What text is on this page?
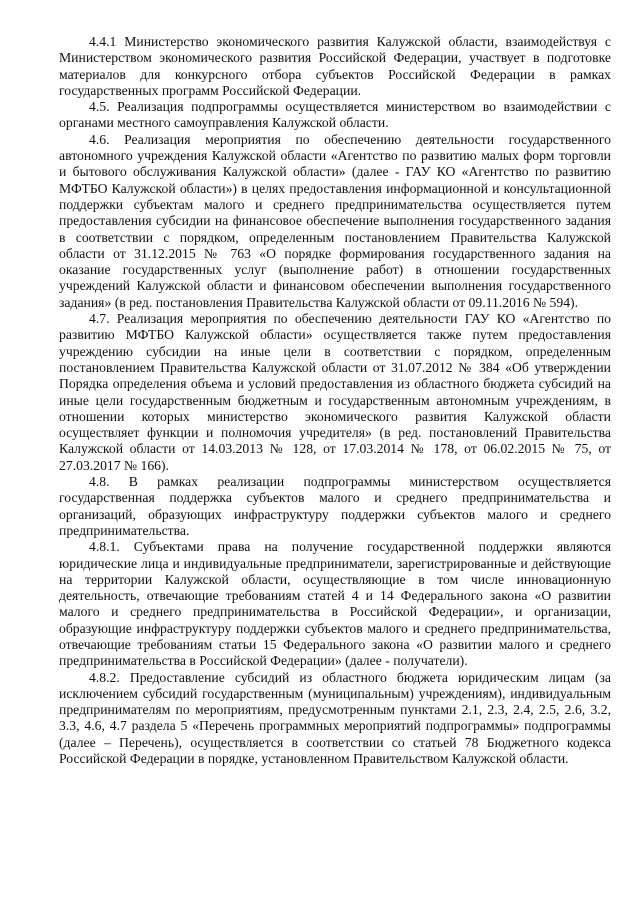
4.4.1 Министерство экономического развития Калужской области, взаимодействуя с Министерством экономического развития Российской Федерации, участвует в подготовке материалов для конкурсного отбора субъектов Российской Федерации в рамках государственных программ Российской Федерации.

4.5. Реализация подпрограммы осуществляется министерством во взаимодействии с органами местного самоуправления Калужской области.

4.6. Реализация мероприятия по обеспечению деятельности государственного автономного учреждения Калужской области «Агентство по развитию малых форм торговли и бытового обслуживания Калужской области» (далее - ГАУ КО «Агентство по развитию МФТБО Калужской области») в целях предоставления информационной и консультационной поддержки субъектам малого и среднего предпринимательства осуществляется путем предоставления субсидии на финансовое обеспечение выполнения государственного задания в соответствии с порядком, определенным постановлением Правительства Калужской области от 31.12.2015 № 763 «О порядке формирования государственного задания на оказание государственных услуг (выполнение работ) в отношении государственных учреждений Калужской области и финансовом обеспечении выполнения государственного задания» (в ред. постановления Правительства Калужской области от 09.11.2016 № 594).

4.7. Реализация мероприятия по обеспечению деятельности ГАУ КО «Агентство по развитию МФТБО Калужской области» осуществляется также путем предоставления учреждению субсидии на иные цели в соответствии с порядком, определенным постановлением Правительства Калужской области от 31.07.2012 № 384 «Об утверждении Порядка определения объема и условий предоставления из областного бюджета субсидий на иные цели государственным бюджетным и государственным автономным учреждениям, в отношении которых министерство экономического развития Калужской области осуществляет функции и полномочия учредителя» (в ред. постановлений Правительства Калужской области от 14.03.2013 № 128, от 17.03.2014 № 178, от 06.02.2015 № 75, от 27.03.2017 № 166).

4.8. В рамках реализации подпрограммы министерством осуществляется государственная поддержка субъектов малого и среднего предпринимательства и организаций, образующих инфраструктуру поддержки субъектов малого и среднего предпринимательства.

4.8.1. Субъектами права на получение государственной поддержки являются юридические лица и индивидуальные предприниматели, зарегистрированные и действующие на территории Калужской области, осуществляющие в том числе инновационную деятельность, отвечающие требованиям статей 4 и 14 Федерального закона «О развитии малого и среднего предпринимательства в Российской Федерации», и организации, образующие инфраструктуру поддержки субъектов малого и среднего предпринимательства, отвечающие требованиям статьи 15 Федерального закона «О развитии малого и среднего предпринимательства в Российской Федерации» (далее - получатели).

4.8.2. Предоставление субсидий из областного бюджета юридическим лицам (за исключением субсидий государственным (муниципальным) учреждениям), индивидуальным предпринимателям по мероприятиям, предусмотренным пунктами 2.1, 2.3, 2.4, 2.5, 2.6, 3.2, 3.3, 4.6, 4.7 раздела 5 «Перечень программных мероприятий подпрограммы» подпрограммы (далее – Перечень), осуществляется в соответствии со статьей 78 Бюджетного кодекса Российской Федерации в порядке, установленном Правительством Калужской области.
